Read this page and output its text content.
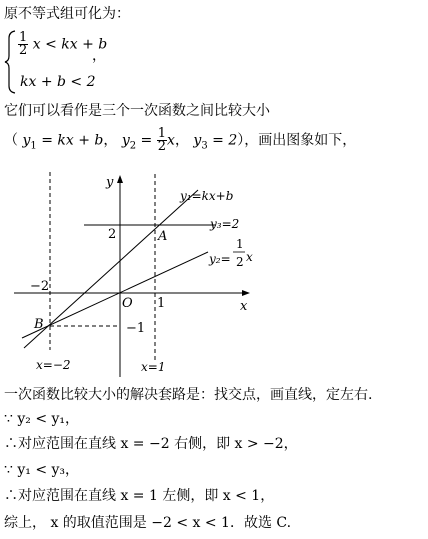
原不等式组可化为：
$\frac{1}{2}$ x < kx + b
kx + b < 2
，
它们可以看作是三个一次函数之间比较大小
（ $y_1$ = kx + b， $y_2 = \frac{1}{2}$ x， $y_3 = 2$），画出图象如下，
y
x
O
2
−2
1
−1
A
B
y₁=kx+b
y₃=2
y₂=
1
2 x
x=−2	x=1
一次函数比较大小的解决套路是：找交点，画直线，定左右.
∵ y₂ < y₁，
∴对应范围在直线 x = −2 右侧，即 x > −2，
∵ y₁ < y₃，
∴对应范围在直线 x = 1 左侧，即 x < 1，
综上， x 的取值范围是 −2 < x < 1．故选 C.
